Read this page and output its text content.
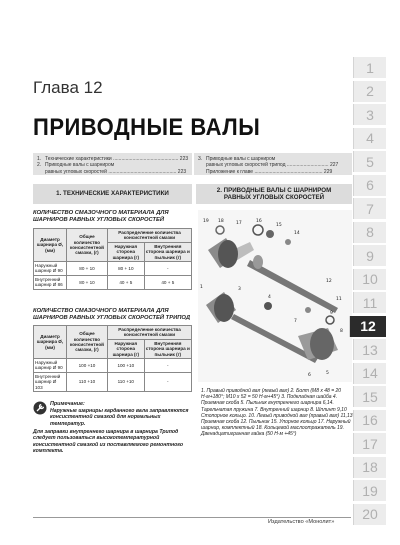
Глава 12
ПРИВОДНЫЕ ВАЛЫ
1. Технические характеристики ............................................... 223
2. Приводные валы с шарниром
равных угловых скоростей ................................................. 223
3. Приводные валы с шарниром
равных угловых скоростей трипод .............................. 227
Приложение к главе ................................................. 229
1. ТЕХНИЧЕСКИЕ ХАРАКТЕРИСТИКИ
2. ПРИВОДНЫЕ ВАЛЫ С ШАРНИРОМ РАВНЫХ УГЛОВЫХ СКОРОСТЕЙ
КОЛИЧЕСТВО СМАЗОЧНОГО МАТЕРИАЛА ДЛЯ ШАРНИРОВ РАВНЫХ УГЛОВЫХ СКОРОСТЕЙ
Диаметр шарнира Ø, (мм)	Общее количество консистентной смазки, (г)	Распределение количества консистентной смазки	
		Наружная сторона шарнира (г)	Внутренняя сторона шарнира и пыльник (г)
Наружный шарнир Ø 90	80 + 10	80 + 10	-
Внутренний шарнир Ø 86	80 + 10	40 + 5	40 + 5
КОЛИЧЕСТВО СМАЗОЧНОГО МАТЕРИАЛА ДЛЯ ШАРНИРОВ РАВНЫХ УГЛОВЫХ СКОРОСТЕЙ ТРИПОД
Диаметр шарнира Ø, (мм)	Общее количество консистентной смазки, (г)	Распределение количества консистентной смазки	
		Наружная сторона шарнира (г)	Внутренняя сторона шарнира и пыльник (г)
Наружный шарнир Ø 90	100 +10	100 +10	-
Внутренний шарнир Ø 103	110 +10	110 +10	-
Примечание:
Наружные шарниры карданного вала заправляются консистентной смазкой для нормальных температур.
Для заправки внутреннего шарнира в шарнира Трипод следует пользоваться высокотемпературной консистентной смазкой из поставляемого ремонтного комплекта.
19 18	17	16
15
14
12
11
1	3
4
7
9
8
6	5
1. Правый приводной вал (левый вал) 2. Болт (M8 x 48 = 20 Н·м+180°; М10 x 52 = 50 Н·м+45°) 3. Подкладная шайба 4. Приемная скоба 5. Пыльник внутреннего шарнира 6,14. Тарельчатая пружина 7. Внутренний шарнир 8. Шплинт 9,10 Стопорное кольцо. 10. Левый приводной вал (правый вал) 11,13 Приемная скоба 12. Пыльник 15. Упорное кольцо 17. Наружный шарнир, комплектный 18. Кольцевой маслоотражатель 19. Двенадцатигранная гайка (50 Н·м +45°)
1
2
3
4
5
6
7
8
9
10
11
12
13
14
15
16
17
18
19
20
Издательство «Монолит»
